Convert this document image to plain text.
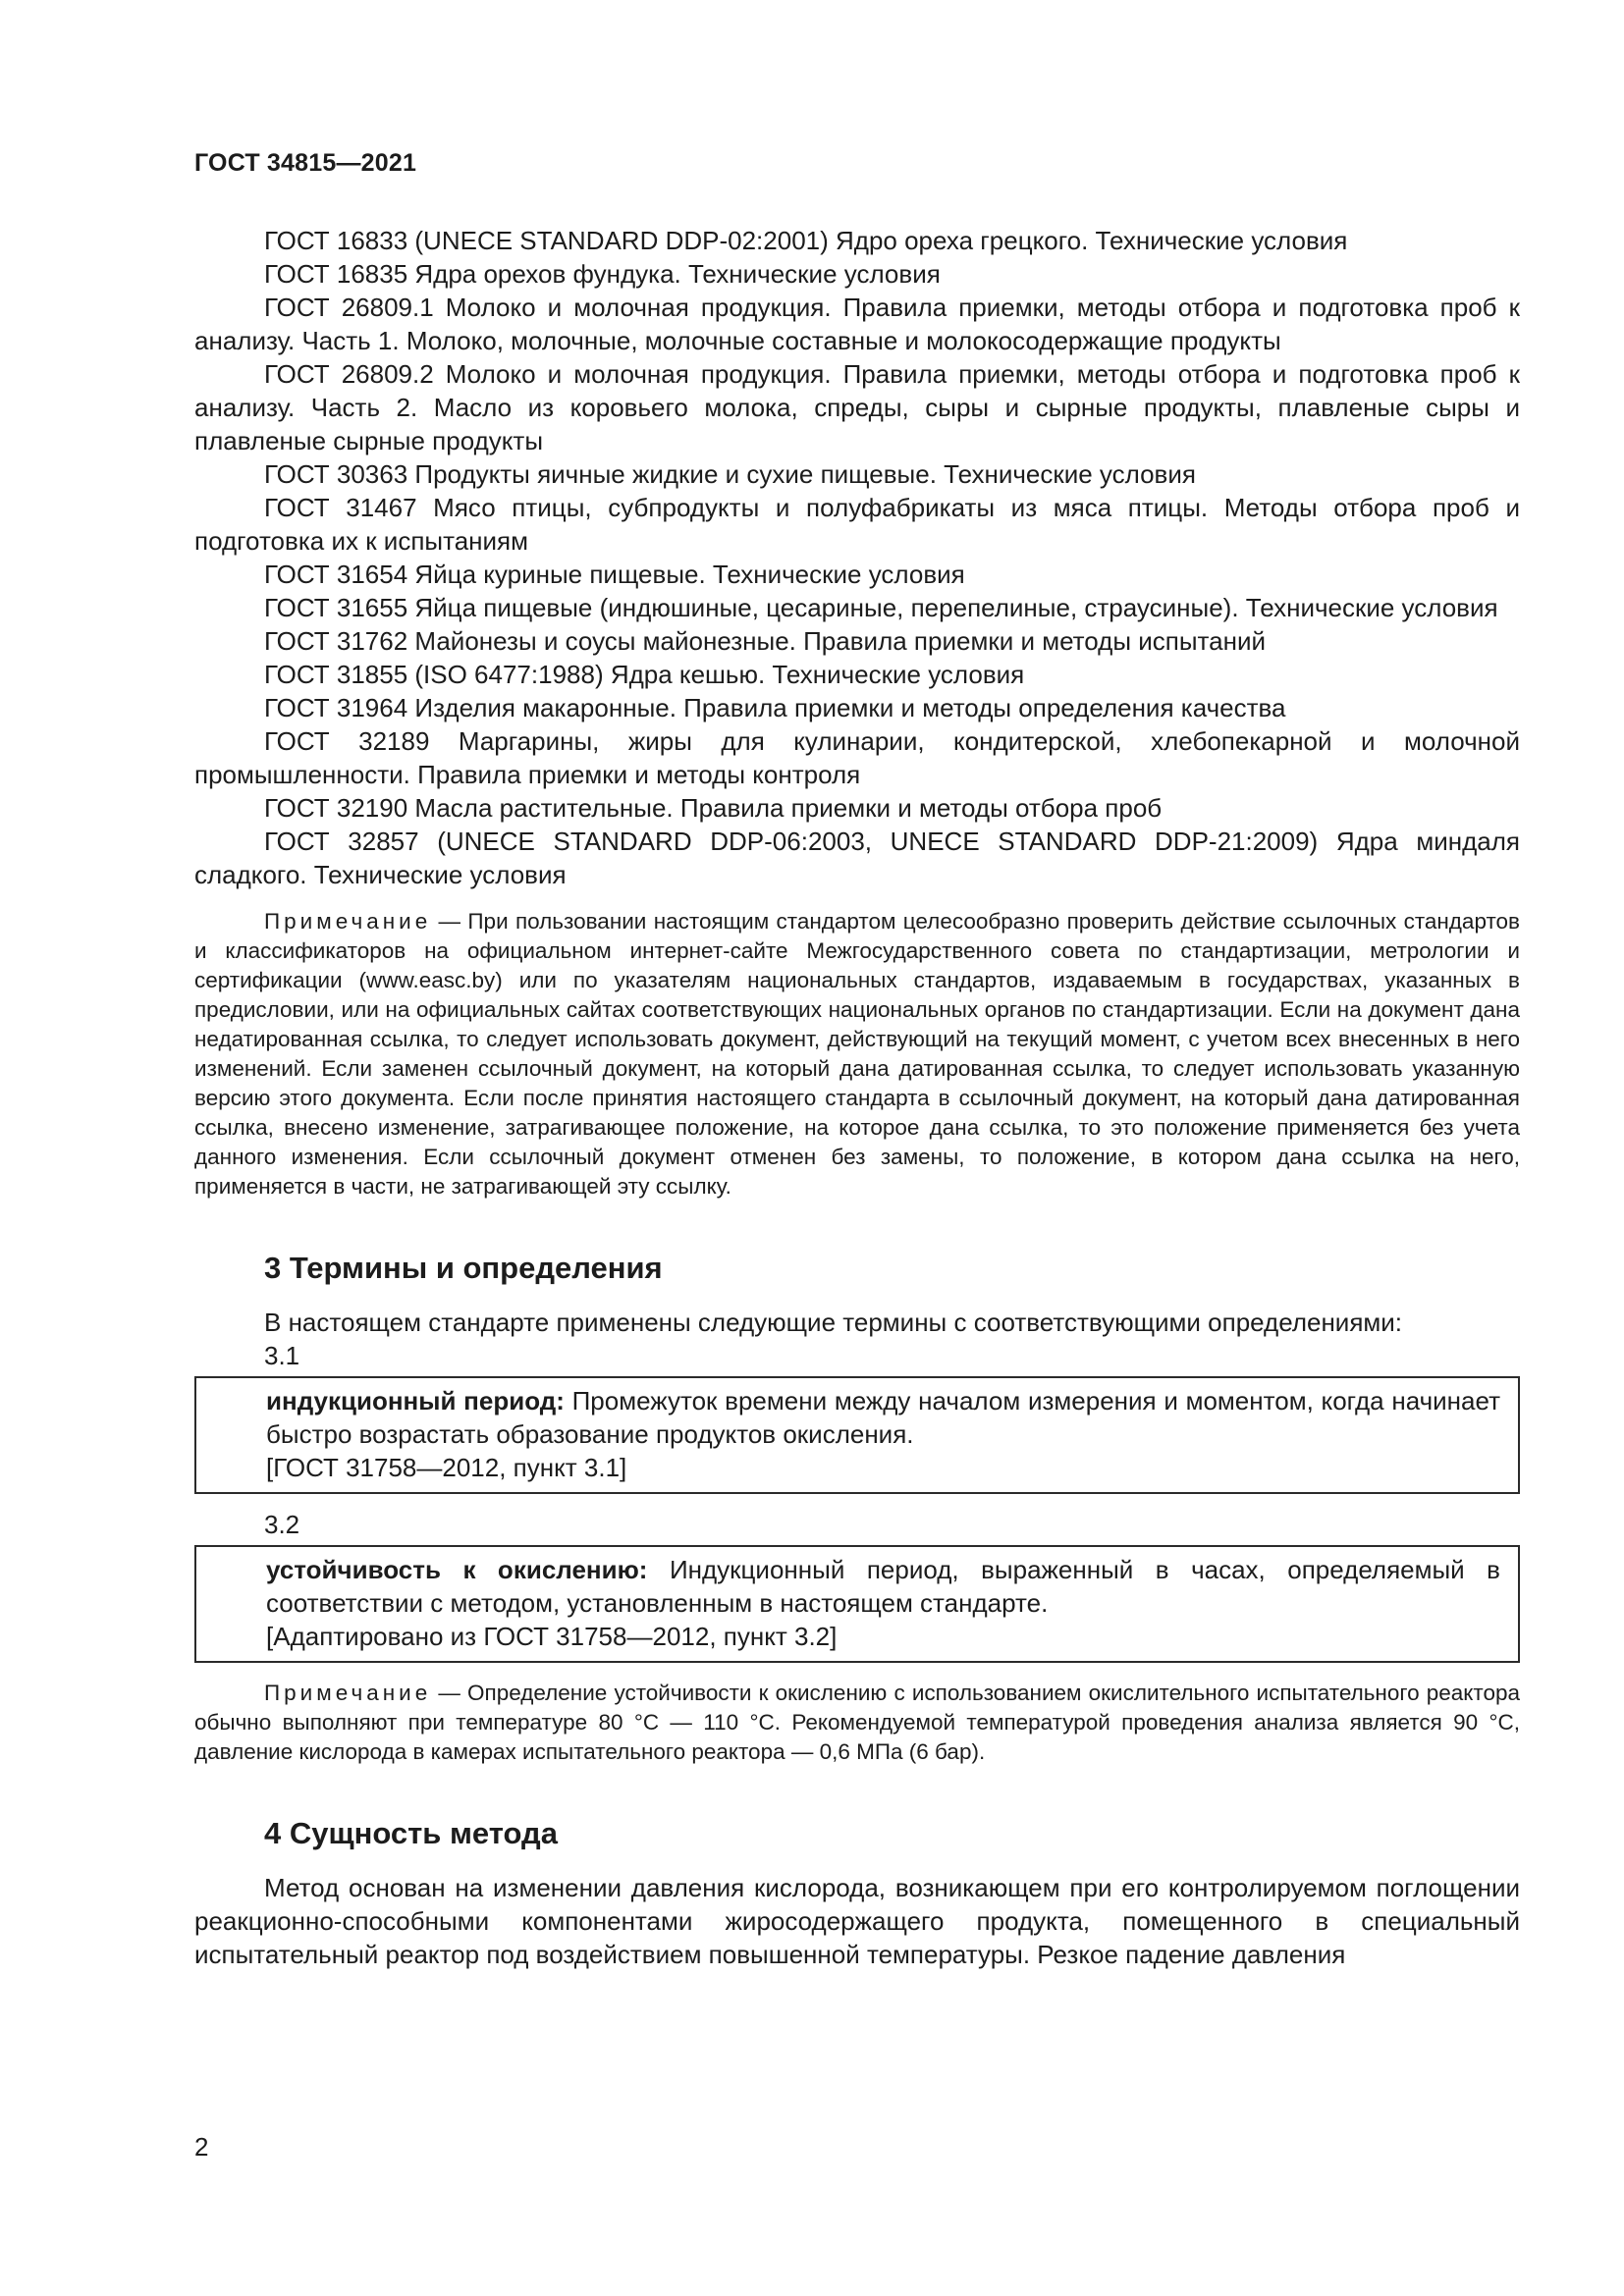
ГОСТ 34815—2021

ГОСТ 16833 (UNECE STANDARD DDP-02:2001) Ядро ореха грецкого. Технические условия

ГОСТ 16835 Ядра орехов фундука. Технические условия

ГОСТ 26809.1 Молоко и молочная продукция. Правила приемки, методы отбора и подготовка проб к анализу. Часть 1. Молоко, молочные, молочные составные и молокосодержащие продукты

ГОСТ 26809.2 Молоко и молочная продукция. Правила приемки, методы отбора и подготовка проб к анализу. Часть 2. Масло из коровьего молока, спреды, сыры и сырные продукты, плавленые сыры и плавленые сырные продукты

ГОСТ 30363 Продукты яичные жидкие и сухие пищевые. Технические условия

ГОСТ 31467 Мясо птицы, субпродукты и полуфабрикаты из мяса птицы. Методы отбора проб и подготовка их к испытаниям

ГОСТ 31654 Яйца куриные пищевые. Технические условия

ГОСТ 31655 Яйца пищевые (индюшиные, цесариные, перепелиные, страусиные). Технические условия

ГОСТ 31762 Майонезы и соусы майонезные. Правила приемки и методы испытаний

ГОСТ 31855 (ISO 6477:1988) Ядра кешью. Технические условия

ГОСТ 31964 Изделия макаронные. Правила приемки и методы определения качества

ГОСТ 32189 Маргарины, жиры для кулинарии, кондитерской, хлебопекарной и молочной промышленности. Правила приемки и методы контроля

ГОСТ 32190 Масла растительные. Правила приемки и методы отбора проб

ГОСТ 32857 (UNECE STANDARD DDP-06:2003, UNECE STANDARD DDP-21:2009) Ядра миндаля сладкого. Технические условия

Примечание — При пользовании настоящим стандартом целесообразно проверить действие ссылочных стандартов и классификаторов на официальном интернет-сайте Межгосударственного совета по стандартизации, метрологии и сертификации (www.easc.by) или по указателям национальных стандартов, издаваемым в государствах, указанных в предисловии, или на официальных сайтах соответствующих национальных органов по стандартизации. Если на документ дана недатированная ссылка, то следует использовать документ, действующий на текущий момент, с учетом всех внесенных в него изменений. Если заменен ссылочный документ, на который дана датированная ссылка, то следует использовать указанную версию этого документа. Если после принятия настоящего стандарта в ссылочный документ, на который дана датированная ссылка, внесено изменение, затрагивающее положение, на которое дана ссылка, то это положение применяется без учета данного изменения. Если ссылочный документ отменен без замены, то положение, в котором дана ссылка на него, применяется в части, не затрагивающей эту ссылку.

3 Термины и определения

В настоящем стандарте применены следующие термины с соответствующими определениями:

3.1

индукционный период: Промежуток времени между началом измерения и моментом, когда начинает быстро возрастать образование продуктов окисления.

[ГОСТ 31758—2012, пункт 3.1]

3.2

устойчивость к окислению: Индукционный период, выраженный в часах, определяемый в соответствии с методом, установленным в настоящем стандарте.

[Адаптировано из ГОСТ 31758—2012, пункт 3.2]

Примечание — Определение устойчивости к окислению с использованием окислительного испытательного реактора обычно выполняют при температуре 80 °С — 110 °С. Рекомендуемой температурой проведения анализа является 90 °С, давление кислорода в камерах испытательного реактора — 0,6 МПа (6 бар).

4 Сущность метода

Метод основан на изменении давления кислорода, возникающем при его контролируемом поглощении реакционно-способными компонентами жиросодержащего продукта, помещенного в специальный испытательный реактор под воздействием повышенной температуры. Резкое падение давления

2
